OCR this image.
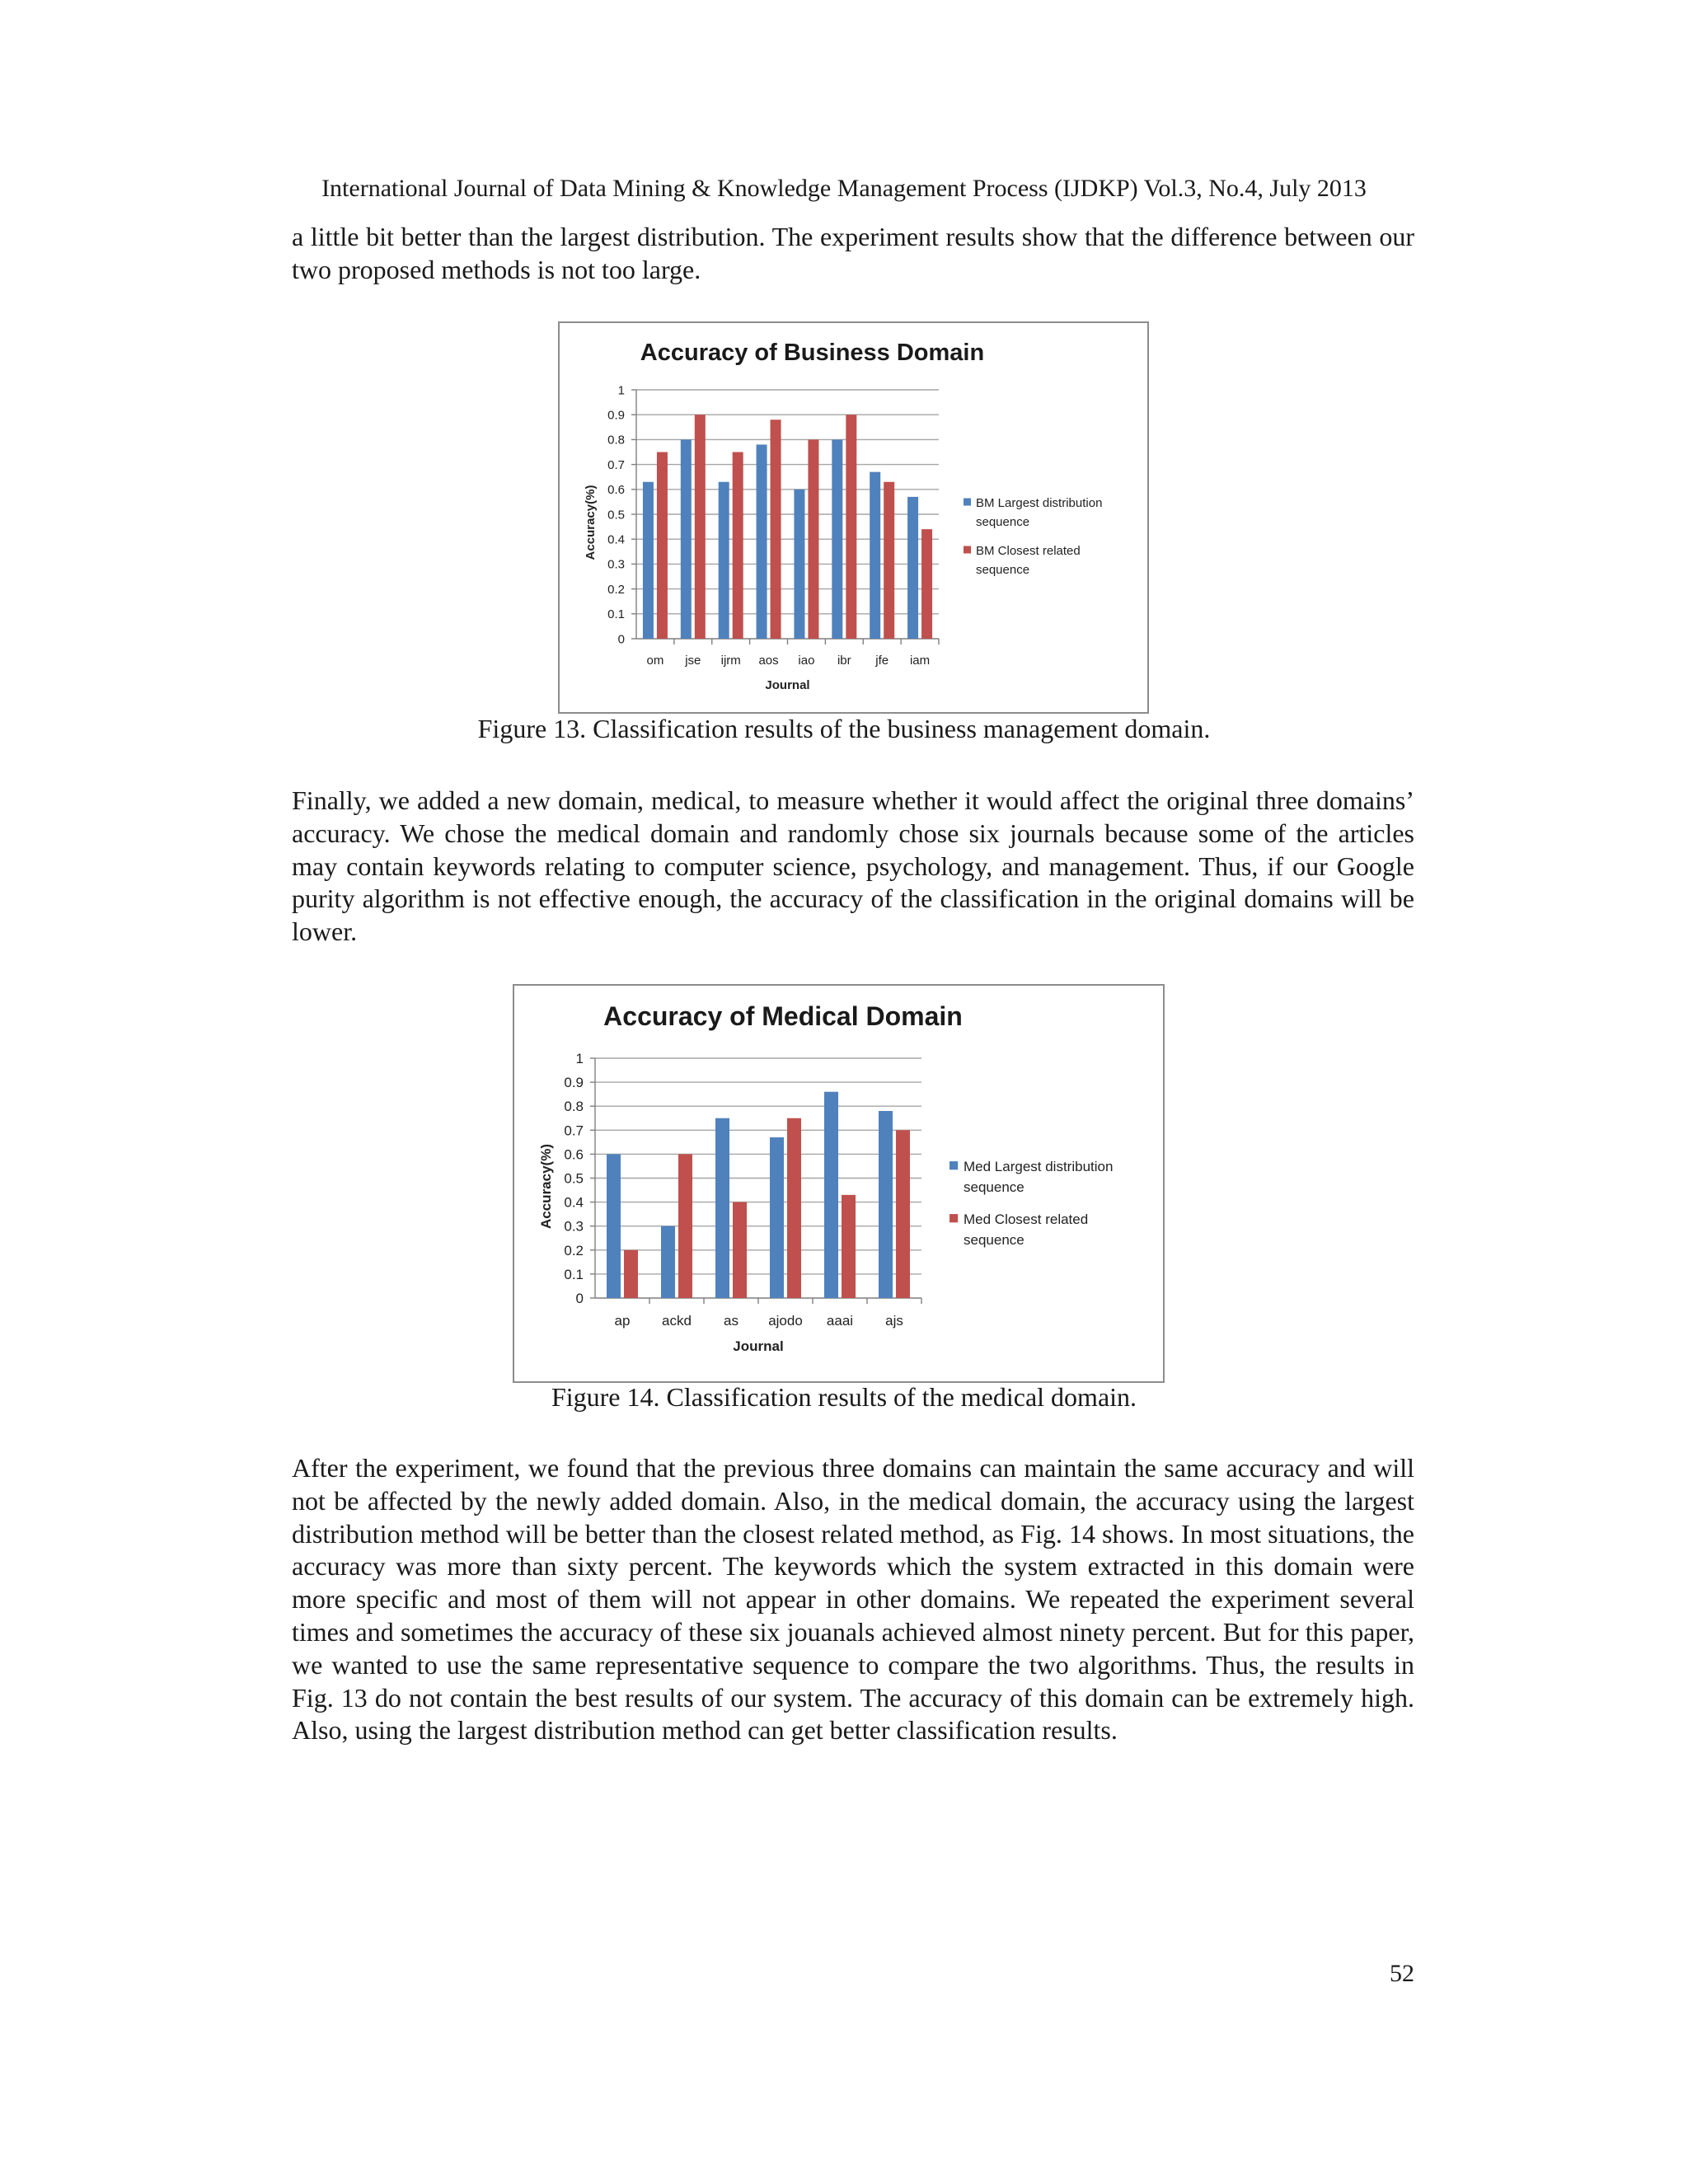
International Journal of Data Mining & Knowledge Management Process (IJDKP) Vol.3, No.4, July 2013

a little bit better than the largest distribution. The experiment results show that the difference between our two proposed methods is not too large.

Accuracy of Business Domain
0
0.1
0.2
0.3
0.4
0.5
0.6
0.7
0.8
0.9
1
om jse ijrm aos iao ibr jfe iam
Journal
Accuracy(%)	BM Largest distribution
sequence
BM Closest related
sequence
Figure 13. Classification results of the business management domain.

Finally, we added a new domain, medical, to measure whether it would affect the original three domains’ accuracy. We chose the medical domain and randomly chose six journals because some of the articles may contain keywords relating to computer science, psychology, and management. Thus, if our Google purity algorithm is not effective enough, the accuracy of the classification in the original domains will be lower.

Accuracy of Medical Domain
0
0.1
0.2
0.3
0.4
0.5
0.6
0.7
0.8
0.9
1
ap ackd as ajodo aaai ajs
Journal
Accuracy(%)	Med Largest distribution
sequence
Med Closest related
sequence
Figure 14. Classification results of the medical domain.

After the experiment, we found that the previous three domains can maintain the same accuracy and will not be affected by the newly added domain. Also, in the medical domain, the accuracy using the largest distribution method will be better than the closest related method, as Fig. 14 shows. In most situations, the accuracy was more than sixty percent. The keywords which the system extracted in this domain were more specific and most of them will not appear in other domains. We repeated the experiment several times and sometimes the accuracy of these six jouanals achieved almost ninety percent. But for this paper, we wanted to use the same representative sequence to compare the two algorithms. Thus, the results in Fig. 13 do not contain the best results of our system. The accuracy of this domain can be extremely high. Also, using the largest distribution method can get better classification results.

52
